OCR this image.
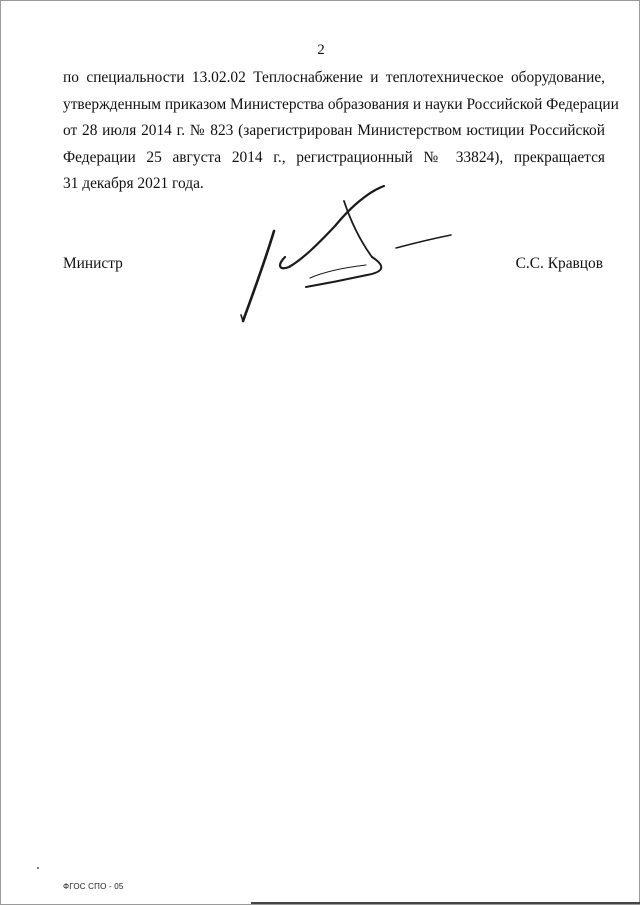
2
по специальности 13.02.02 Теплоснабжение и теплотехническое оборудование,
утвержденным приказом Министерства образования и науки Российской Федерации
от 28 июля 2014 г. № 823 (зарегистрирован Министерством юстиции Российской
Федерации 25 августа 2014 г., регистрационный № 33824), прекращается
31 декабря 2021 года.
Министр	С.С. Кравцов
ФГОС СПО - 05
